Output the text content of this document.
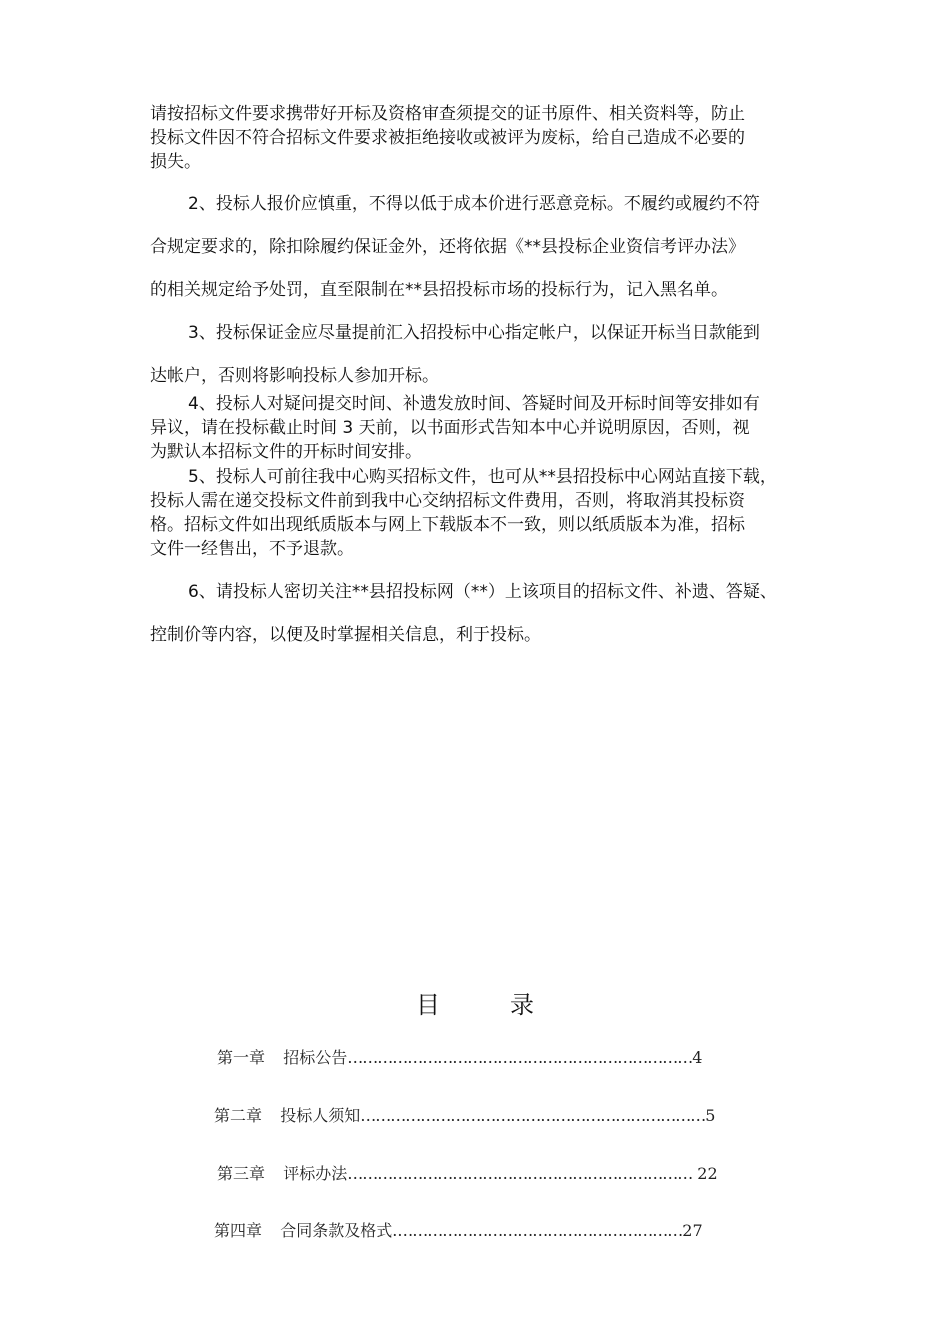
请按招标文件要求携带好开标及资格审查须提交的证书原件、相关资料等，防止
投标文件因不符合招标文件要求被拒绝接收或被评为废标，给自己造成不必要的
损失。
2、投标人报价应慎重，不得以低于成本价进行恶意竞标。不履约或履约不符
合规定要求的，除扣除履约保证金外，还将依据《**县投标企业资信考评办法》
的相关规定给予处罚，直至限制在**县招投标市场的投标行为，记入黑名单。
3、投标保证金应尽量提前汇入招投标中心指定帐户，以保证开标当日款能到
达帐户，否则将影响投标人参加开标。
4、投标人对疑问提交时间、补遗发放时间、答疑时间及开标时间等安排如有
异议，请在投标截止时间 3 天前，以书面形式告知本中心并说明原因，否则，视
为默认本招标文件的开标时间安排。
5、投标人可前往我中心购买招标文件，也可从**县招投标中心网站直接下载，
投标人需在递交投标文件前到我中心交纳招标文件费用，否则，将取消其投标资
格。招标文件如出现纸质版本与网上下载版本不一致，则以纸质版本为准，招标
文件一经售出，不予退款。
6、请投标人密切关注**县招投标网（**）上该项目的招标文件、补遗、答疑、
控制价等内容，以便及时掌握相关信息，利于投标。
目	录
第一章 招标公告……………………………………………………………4
第二章 投标人须知……………………………………………………………5
第三章 评标办法…………………………………………………………… 22
第四章 合同条款及格式.…………………………………………………27
